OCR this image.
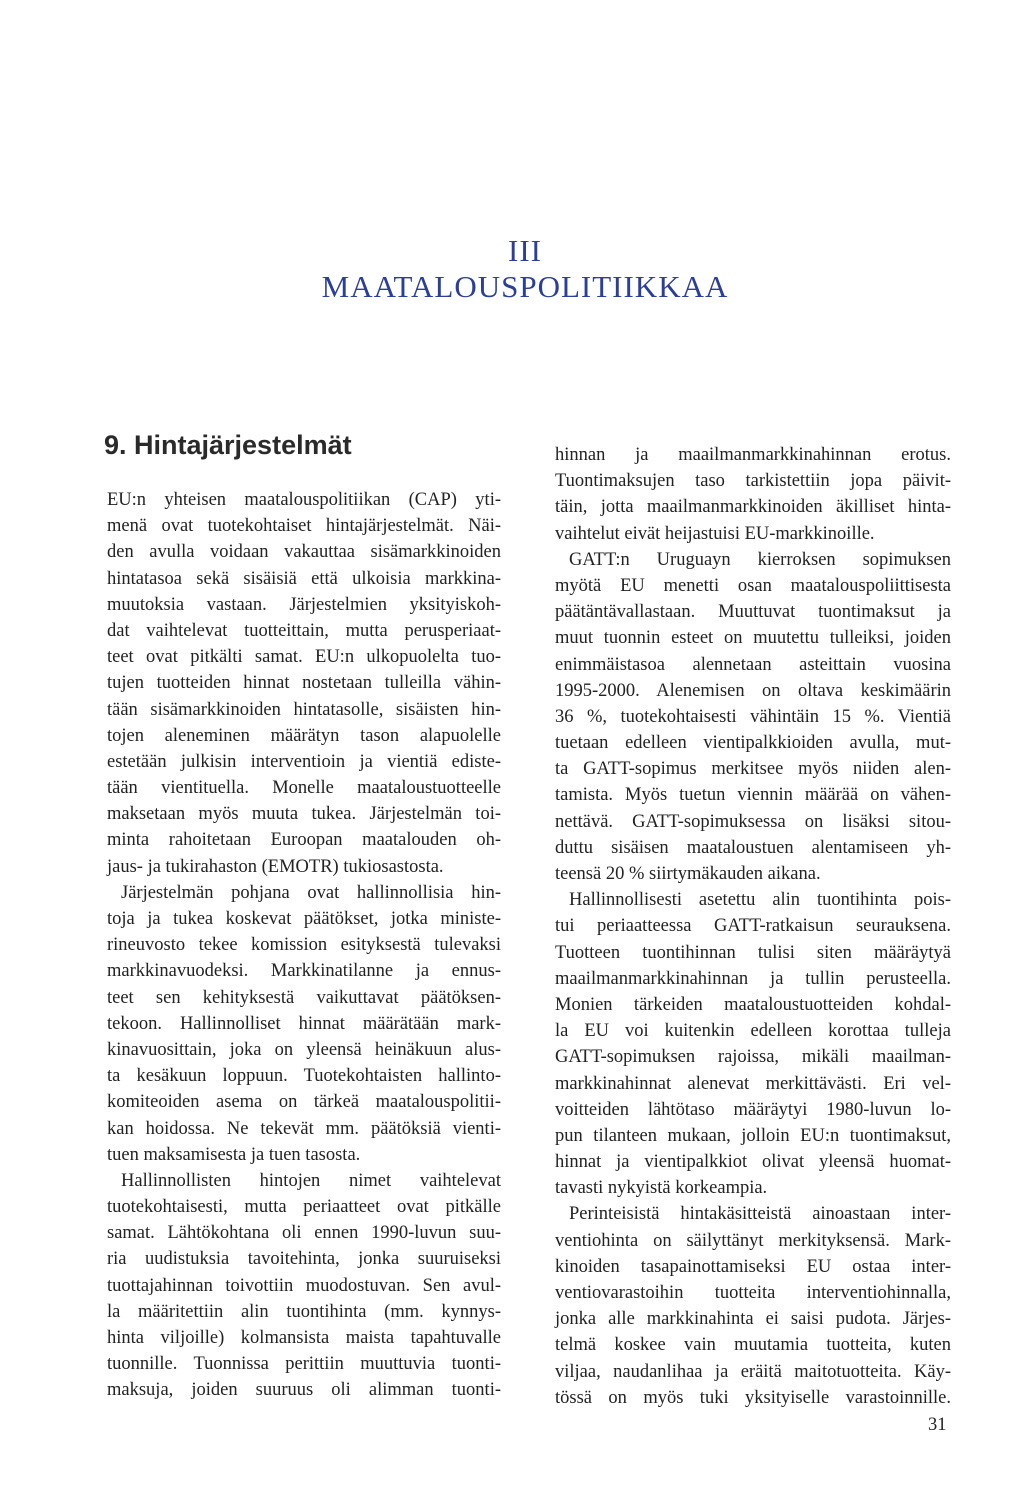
III
MAATALOUSPOLITIIKKAA
9. Hintajärjestelmät
EU:n yhteisen maatalouspolitiikan (CAP) yti-
menä ovat tuotekohtaiset hintajärjestelmät. Näi-
den avulla voidaan vakauttaa sisämarkkinoiden
hintatasoa sekä sisäisiä että ulkoisia markkina-
muutoksia vastaan. Järjestelmien yksityiskoh-
dat vaihtelevat tuotteittain, mutta perusperiaat-
teet ovat pitkälti samat. EU:n ulkopuolelta tuo-
tujen tuotteiden hinnat nostetaan tulleilla vähin-
tään sisämarkkinoiden hintatasolle, sisäisten hin-
tojen aleneminen määrätyn tason alapuolelle
estetään julkisin interventioin ja vientiä ediste-
tään vientituella. Monelle maataloustuotteelle
maksetaan myös muuta tukea. Järjestelmän toi-
minta rahoitetaan Euroopan maatalouden oh-
jaus- ja tukirahaston (EMOTR) tukiosastosta.
Järjestelmän pohjana ovat hallinnollisia hin-
toja ja tukea koskevat päätökset, jotka ministe-
rineuvosto tekee komission esityksestä tulevaksi
markkinavuodeksi. Markkinatilanne ja ennus-
teet sen kehityksestä vaikuttavat päätöksen-
tekoon. Hallinnolliset hinnat määrätään mark-
kinavuosittain, joka on yleensä heinäkuun alus-
ta kesäkuun loppuun. Tuotekohtaisten hallinto-
komiteoiden asema on tärkeä maatalouspolitii-
kan hoidossa. Ne tekevät mm. päätöksiä vienti-
tuen maksamisesta ja tuen tasosta.
Hallinnollisten hintojen nimet vaihtelevat
tuotekohtaisesti, mutta periaatteet ovat pitkälle
samat. Lähtökohtana oli ennen 1990-luvun suu-
ria uudistuksia tavoitehinta, jonka suuruiseksi
tuottajahinnan toivottiin muodostuvan. Sen avul-
la määritettiin alin tuontihinta (mm. kynnys-
hinta viljoille) kolmansista maista tapahtuvalle
tuonnille. Tuonnissa perittiin muuttuvia tuonti-
maksuja, joiden suuruus oli alimman tuonti-
hinnan ja maailmanmarkkinahinnan erotus.
Tuontimaksujen taso tarkistettiin jopa päivit-
täin, jotta maailmanmarkkinoiden äkilliset hinta-
vaihtelut eivät heijastuisi EU-markkinoille.
GATT:n Uruguayn kierroksen sopimuksen
myötä EU menetti osan maatalouspoliittisesta
päätäntävallastaan. Muuttuvat tuontimaksut ja
muut tuonnin esteet on muutettu tulleiksi, joiden
enimmäistasoa alennetaan asteittain vuosina
1995-2000. Alenemisen on oltava keskimäärin
36 %, tuotekohtaisesti vähintäin 15 %. Vientiä
tuetaan edelleen vientipalkkioiden avulla, mut-
ta GATT-sopimus merkitsee myös niiden alen-
tamista. Myös tuetun viennin määrää on vähen-
nettävä. GATT-sopimuksessa on lisäksi sitou-
duttu sisäisen maataloustuen alentamiseen yh-
teensä 20 % siirtymäkauden aikana.
Hallinnollisesti asetettu alin tuontihinta pois-
tui periaatteessa GATT-ratkaisun seurauksena.
Tuotteen tuontihinnan tulisi siten määräytyä
maailmanmarkkinahinnan ja tullin perusteella.
Monien tärkeiden maataloustuotteiden kohdal-
la EU voi kuitenkin edelleen korottaa tulleja
GATT-sopimuksen rajoissa, mikäli maailman-
markkinahinnat alenevat merkittävästi. Eri vel-
voitteiden lähtötaso määräytyi 1980-luvun lo-
pun tilanteen mukaan, jolloin EU:n tuontimaksut,
hinnat ja vientipalkkiot olivat yleensä huomat-
tavasti nykyistä korkeampia.
Perinteisistä hintakäsitteistä ainoastaan inter-
ventiohinta on säilyttänyt merkityksensä. Mark-
kinoiden tasapainottamiseksi EU ostaa inter-
ventiovarastoihin tuotteita interventiohinnalla,
jonka alle markkinahinta ei saisi pudota. Järjes-
telmä koskee vain muutamia tuotteita, kuten
viljaa, naudanlihaa ja eräitä maitotuotteita. Käy-
tössä on myös tuki yksityiselle varastoinnille.
31
